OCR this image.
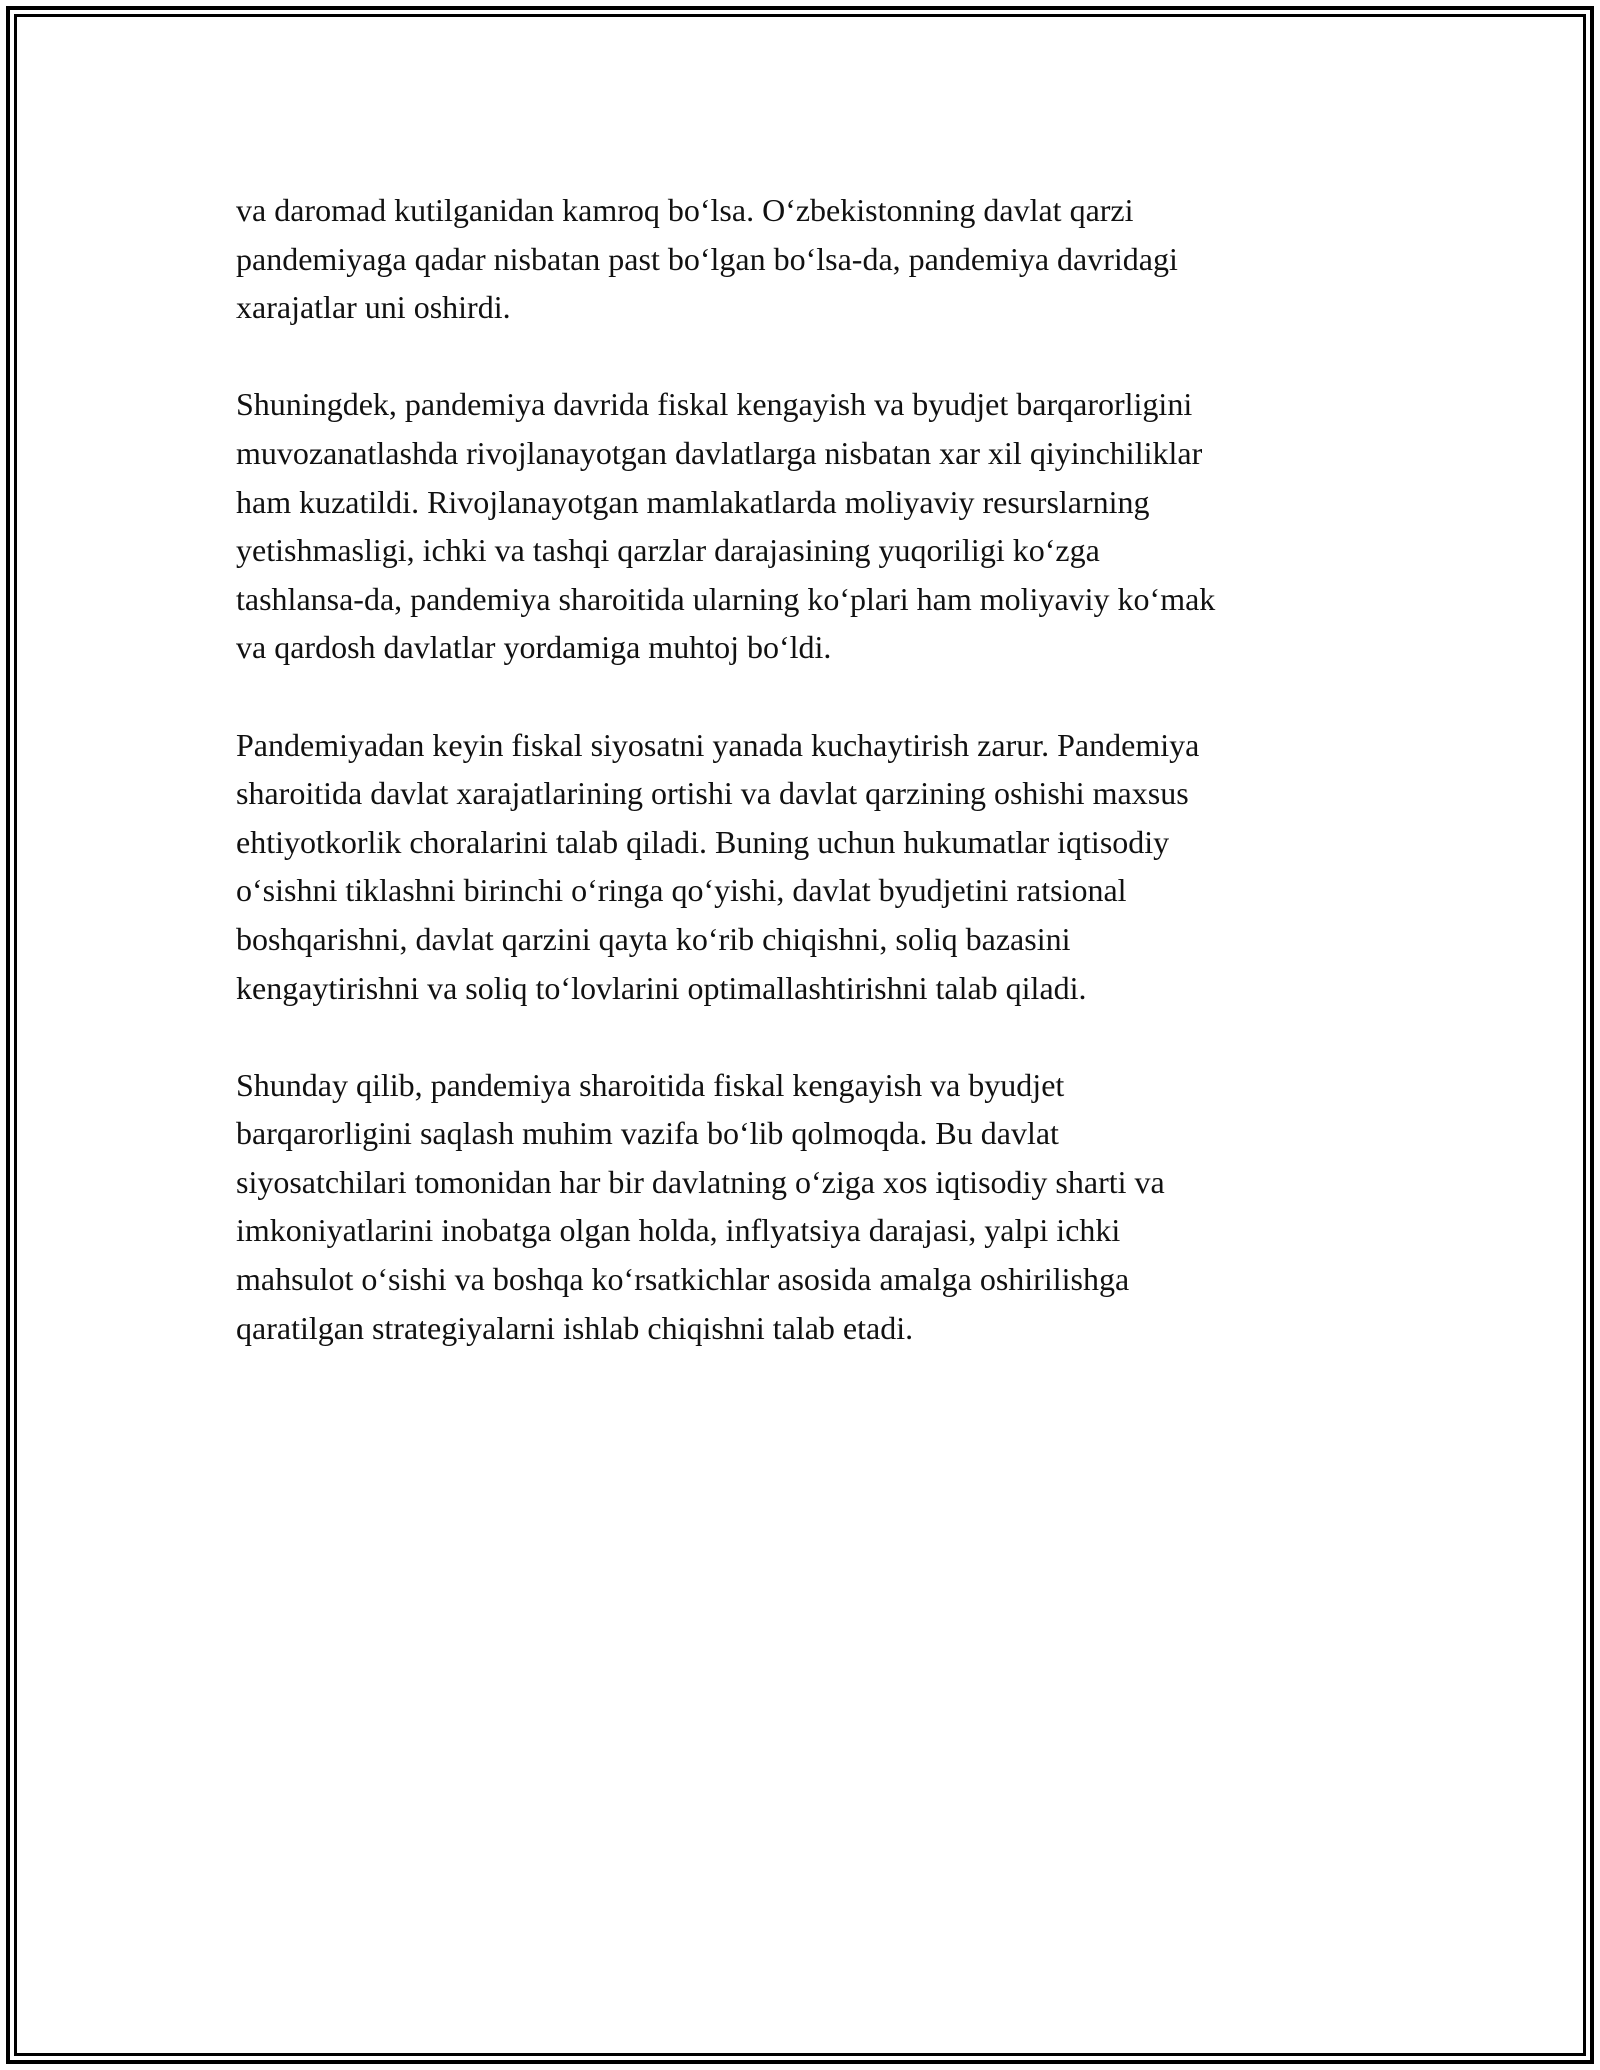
va daromad kutilganidan kamroq bo‘lsa. O‘zbekistonning davlat qarzi
pandemiyaga qadar nisbatan past bo‘lgan bo‘lsa-da, pandemiya davridagi
xarajatlar uni oshirdi.

Shuningdek, pandemiya davrida fiskal kengayish va byudjet barqarorligini
muvozanatlashda rivojlanayotgan davlatlarga nisbatan xar xil qiyinchiliklar
ham kuzatildi. Rivojlanayotgan mamlakatlarda moliyaviy resurslarning
yetishmasligi, ichki va tashqi qarzlar darajasining yuqoriligi ko‘zga
tashlansa-da, pandemiya sharoitida ularning ko‘plari ham moliyaviy ko‘mak
va qardosh davlatlar yordamiga muhtoj bo‘ldi.

Pandemiyadan keyin fiskal siyosatni yanada kuchaytirish zarur. Pandemiya
sharoitida davlat xarajatlarining ortishi va davlat qarzining oshishi maxsus
ehtiyotkorlik choralarini talab qiladi. Buning uchun hukumatlar iqtisodiy
o‘sishni tiklashni birinchi o‘ringa qo‘yishi, davlat byudjetini ratsional
boshqarishni, davlat qarzini qayta ko‘rib chiqishni, soliq bazasini
kengaytirishni va soliq to‘lovlarini optimallashtirishni talab qiladi.

Shunday qilib, pandemiya sharoitida fiskal kengayish va byudjet
barqarorligini saqlash muhim vazifa bo‘lib qolmoqda. Bu davlat
siyosatchilari tomonidan har bir davlatning o‘ziga xos iqtisodiy sharti va
imkoniyatlarini inobatga olgan holda, inflyatsiya darajasi, yalpi ichki
mahsulot o‘sishi va boshqa ko‘rsatkichlar asosida amalga oshirilishga
qaratilgan strategiyalarni ishlab chiqishni talab etadi.
